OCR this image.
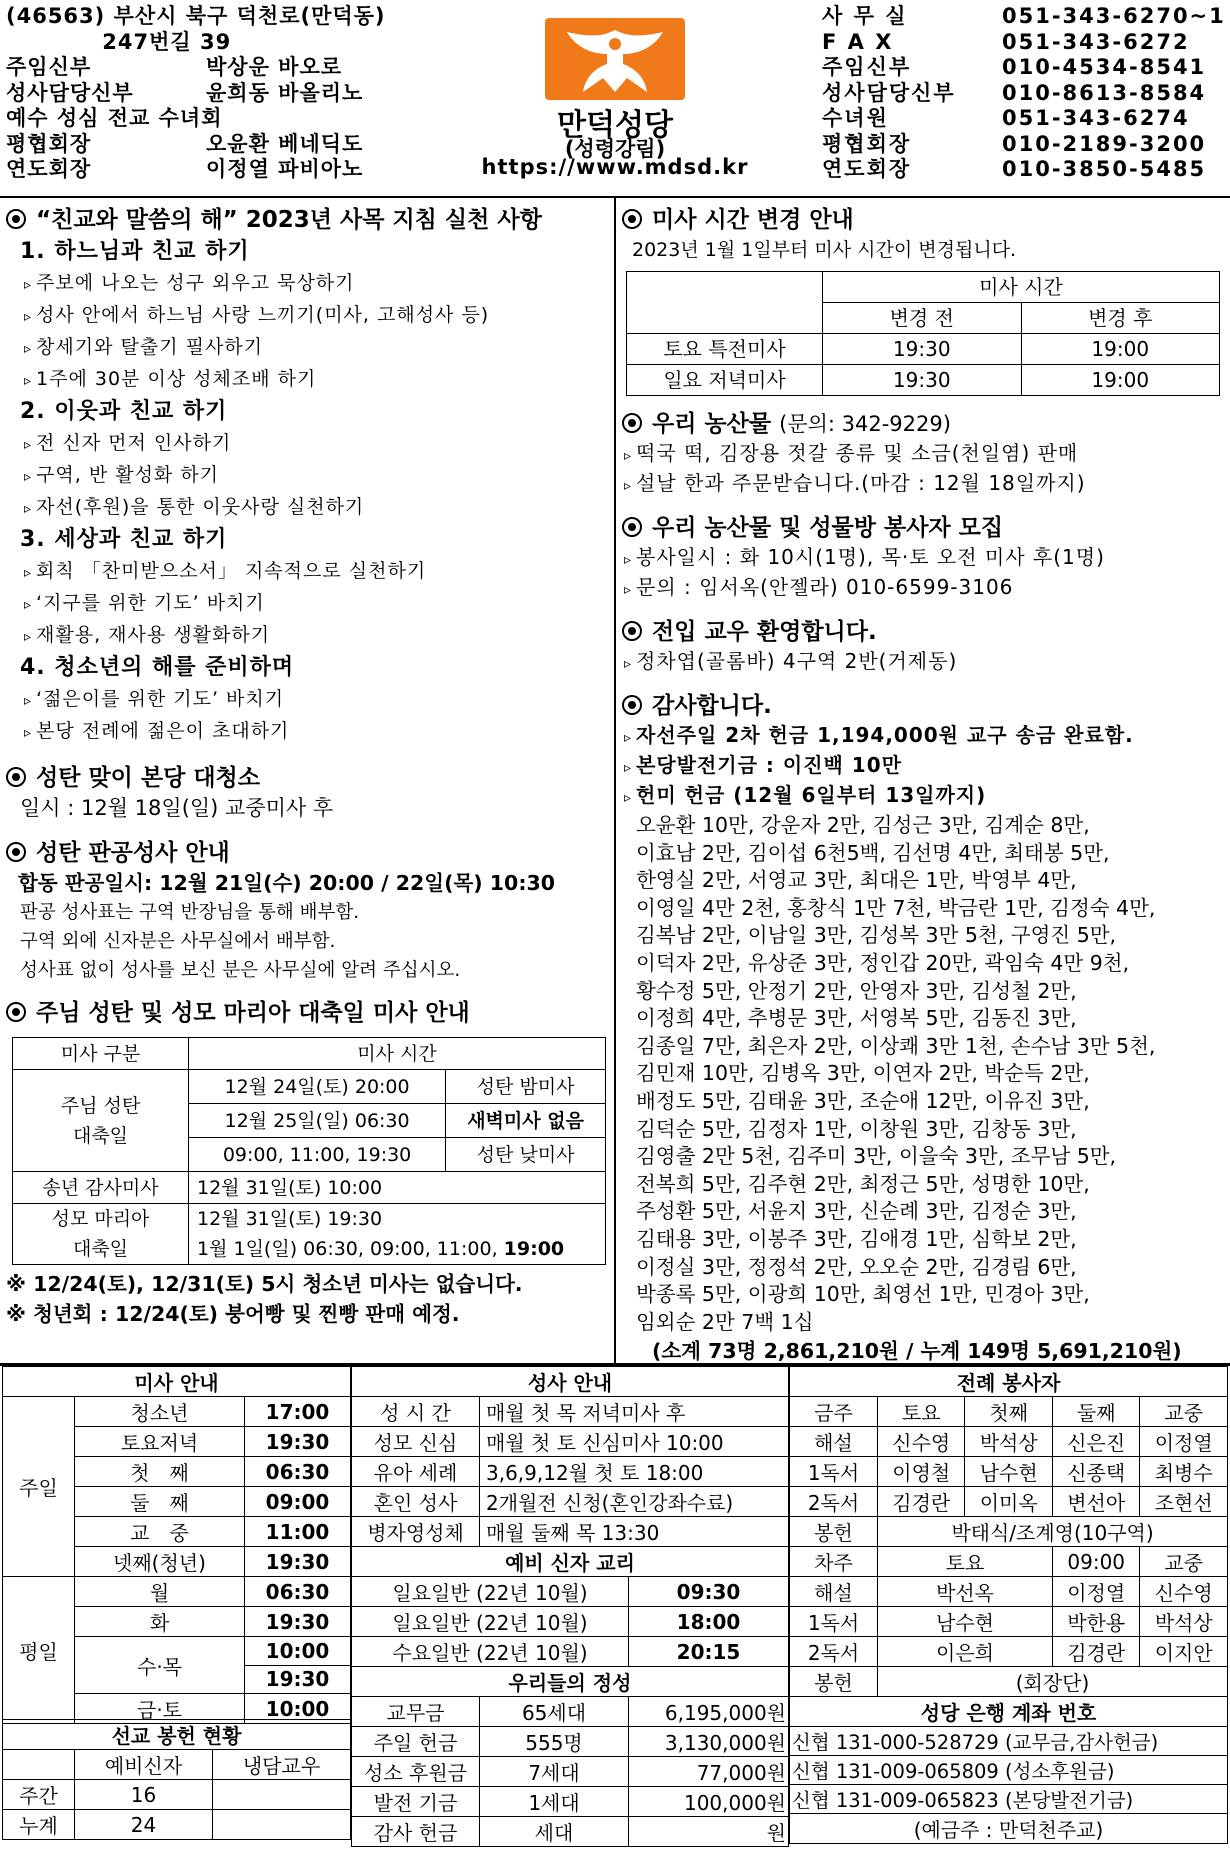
(46563) 부산시 북구 덕천로(만덕동)
　　　　 247번길 39
주임신부	박상운 바오로
성사담당신부	윤희동 바올리노
예수 성심 전교 수녀회
평협회장	오윤환 베네딕도
연도회장	이정열 파비아노
만덕성당
(성령강림)
https://www.mdsd.kr
사 무 실	051-343-6270~1
F A X	051-343-6272
주임신부	010-4534-8541
성사담당신부	010-8613-8584
수녀원	051-343-6274
평협회장	010-2189-3200
연도회장	010-3850-5485
“친교와 말씀의 해” 2023년 사목 지침 실천 사항
1. 하느님과 친교 하기
▹ 주보에 나오는 성구 외우고 묵상하기
▹ 성사 안에서 하느님 사랑 느끼기(미사, 고해성사 등)
▹ 창세기와 탈출기 필사하기
▹ 1주에 30분 이상 성체조배 하기
2. 이웃과 친교 하기
▹ 전 신자 먼저 인사하기
▹ 구역, 반 활성화 하기
▹ 자선(후원)을 통한 이웃사랑 실천하기
3. 세상과 친교 하기
▹ 회칙 「찬미받으소서」 지속적으로 실천하기
▹ ‘지구를 위한 기도’ 바치기
▹ 재활용, 재사용 생활화하기
4. 청소년의 해를 준비하며
▹ ‘젊은이를 위한 기도’ 바치기
▹ 본당 전례에 젊은이 초대하기
성탄 맞이 본당 대청소
일시 : 12월 18일(일) 교중미사 후
성탄 판공성사 안내
합동 판공일시: 12월 21일(수) 20:00 / 22일(목) 10:30
판공 성사표는 구역 반장님을 통해 배부함.
구역 외에 신자분은 사무실에서 배부함.
성사표 없이 성사를 보신 분은 사무실에 알려 주십시오.
주님 성탄 및 성모 마리아 대축일 미사 안내
미사 구분	미사 시간	
주님 성탄
대축일	12월 24일(토) 20:00	성탄 밤미사
	12월 25일(일) 06:30	새벽미사 없음
	09:00, 11:00, 19:30	성탄 낮미사
송년 감사미사	12월 31일(토) 10:00	
성모 마리아
대축일	12월 31일(토) 19:30	
	1월 1일(일) 06:30, 09:00, 11:00, 19:00	
※ 12/24(토), 12/31(토) 5시 청소년 미사는 없습니다.
※ 청년회 : 12/24(토) 붕어빵 및 찐빵 판매 예정.
미사 시간 변경 안내
2023년 1월 1일부터 미사 시간이 변경됩니다.
	미사 시간	
	변경 전	변경 후
토요 특전미사	19:30	19:00
일요 저녁미사	19:30	19:00
우리 농산물 (문의: 342-9229)
▹ 떡국 떡, 김장용 젓갈 종류 및 소금(천일염) 판매
▹ 설날 한과 주문받습니다.(마감 : 12월 18일까지)
우리 농산물 및 성물방 봉사자 모집
▹ 봉사일시 : 화 10시(1명), 목·토 오전 미사 후(1명)
▹ 문의 : 임서옥(안젤라) 010-6599-3106
전입 교우 환영합니다.
▹ 정차엽(골롬바) 4구역 2반(거제동)
감사합니다.
▹ 자선주일 2차 헌금 1,194,000원 교구 송금 완료함.
▹ 본당발전기금 : 이진백 10만
▹ 헌미 헌금 (12월 6일부터 13일까지)
오윤환 10만, 강운자 2만, 김성근 3만, 김계순 8만,
이효남 2만, 김이섭 6천5백, 김선명 4만, 최태봉 5만,
한영실 2만, 서영교 3만, 최대은 1만, 박영부 4만,
이영일 4만 2천, 홍창식 1만 7천, 박금란 1만, 김정숙 4만,
김복남 2만, 이남일 3만, 김성복 3만 5천, 구영진 5만,
이덕자 2만, 유상준 3만, 정인갑 20만, 곽임숙 4만 9천,
황수정 5만, 안정기 2만, 안영자 3만, 김성철 2만,
이정희 4만, 추병문 3만, 서영복 5만, 김동진 3만,
김종일 7만, 최은자 2만, 이상쾌 3만 1천, 손수남 3만 5천,
김민재 10만, 김병옥 3만, 이연자 2만, 박순득 2만,
배정도 5만, 김태윤 3만, 조순애 12만, 이유진 3만,
김덕순 5만, 김정자 1만, 이창원 3만, 김창동 3만,
김영출 2만 5천, 김주미 3만, 이을숙 3만, 조무남 5만,
전복희 5만, 김주현 2만, 최정근 5만, 성명한 10만,
주성환 5만, 서윤지 3만, 신순례 3만, 김정순 3만,
김태용 3만, 이봉주 3만, 김애경 1만, 심학보 2만,
이정실 3만, 정정석 2만, 오오순 2만, 김경림 6만,
박종록 5만, 이광희 10만, 최영선 1만, 민경아 3만,
임외순 2만 7백 1십
(소계 73명 2,861,210원 / 누계 149명 5,691,210원)
미사 안내		
주일	청소년	17:00
	토요저녁	19:30
	첫　째	06:30
	둘　째	09:00
	교　중	11:00
	넷째(청년)	19:30
평일	월	06:30
	화	19:30
	수·목	10:00
		19:30
	금·토	10:00
선교 봉헌 현황		
	예비신자	냉담교우
주간	16	
누계	24	
성사 안내		
성 시 간	매월 첫 목 저녁미사 후	
성모 신심	매월 첫 토 신심미사 10:00	
유아 세례	3,6,9,12월 첫 토 18:00	
혼인 성사	2개월전 신청(혼인강좌수료)	
병자영성체	매월 둘째 목 13:30	
예비 신자 교리		
일요일반 (22년 10월)		09:30
일요일반 (22년 10월)		18:00
수요일반 (22년 10월)		20:15
우리들의 정성		
교무금	65세대	6,195,000원
주일 헌금	555명	3,130,000원
성소 후원금	7세대	77,000원
발전 기금	1세대	100,000원
감사 헌금	세대	원
전례 봉사자				
금주	토요	첫째	둘째	교중
해설	신수영	박석상	신은진	이정열
1독서	이영철	남수현	신종택	최병수
2독서	김경란	이미옥	변선아	조현선
봉헌	박태식/조계영(10구역)			
차주	토요		09:00	교중
해설	박선옥		이정열	신수영
1독서	남수현		박한용	박석상
2독서	이은희		김경란	이지안
봉헌	(회장단)			
성당 은행 계좌 번호				
신협 131-000-528729 (교무금,감사헌금)				
신협 131-009-065809 (성소후원금)				
신협 131-009-065823 (본당발전기금)				
(예금주 : 만덕천주교)				
